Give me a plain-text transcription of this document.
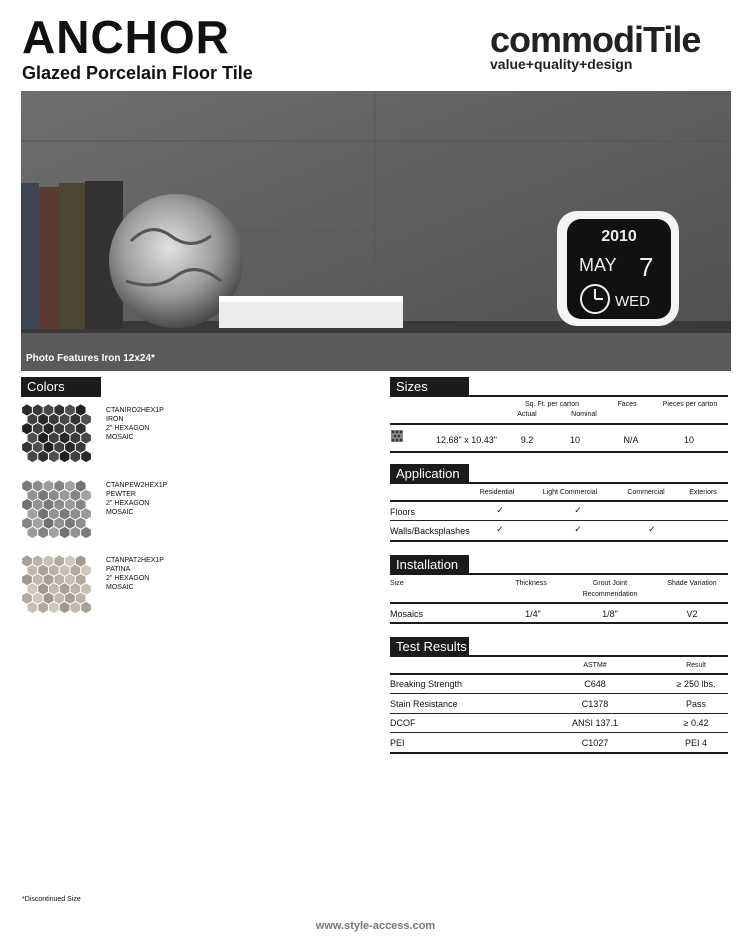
ANCHOR
Glazed Porcelain Floor Tile
commodiTile
value+quality+design
2010
MAY 7
WED
Photo Features Iron 12x24*
Colors
CTANIRO2HEX1P
IRON
2" HEXAGON
MOSAIC
CTANPEW2HEX1P
PEWTER
2" HEXAGON
MOSAIC
CTANPAT2HEX1P
PATINA
2" HEXAGON
MOSAIC
Sizes
Sq. Ft. per carton
Actual	Nominal
Faces	Pieces per carton
12.68" x 10.43"	9.2	10	N/A	10
Application
Residential	Light Commercial	Commercial	Exteriors
Floors	✓	✓
Walls/Backsplashes	✓	✓	✓
Installation
Size	Thickness	Grout Joint
Recommendation
Shade Variation
Mosaics	1/4"	1/8"	V2
Test Results
ASTM#	Result
Breaking Strength	C648	≥ 250 lbs.
Stain Resistance	C1378	Pass
DCOF	ANSI 137.1	≥ 0.42
PEI	C1027	PEI 4
*Discontinued Size
www.style-access.com
